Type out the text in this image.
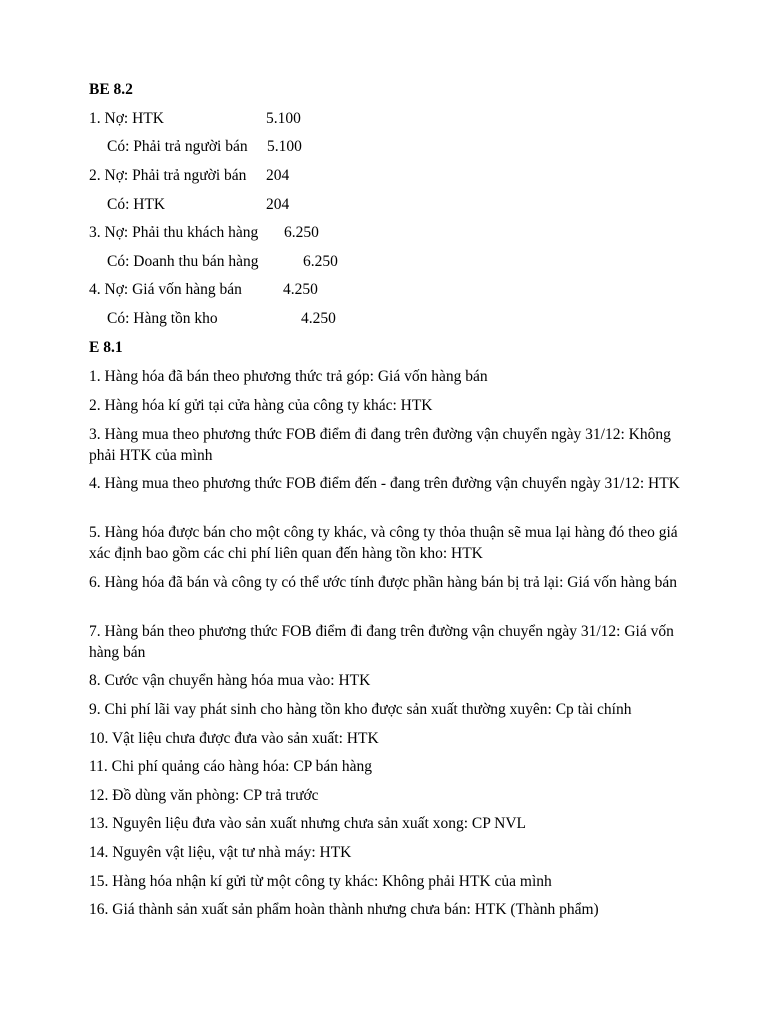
BE 8.2
1. Nợ: HTK	5.100
Có: Phải trả người bán 5.100
2. Nợ: Phải trả người bán 204
Có: HTK	204
3. Nợ: Phải thu khách hàng 6.250
Có: Doanh thu bán hàng	6.250
4. Nợ: Giá vốn hàng bán	4.250
Có: Hàng tồn kho	4.250
E 8.1
1. Hàng hóa đã bán theo phương thức trả góp: Giá vốn hàng bán
2. Hàng hóa kí gửi tại cửa hàng của công ty khác: HTK
3. Hàng mua theo phương thức FOB điểm đi đang trên đường vận chuyển ngày 31/12: Không phải HTK của mình
4. Hàng mua theo phương thức FOB điểm đến - đang trên đường vận chuyển ngày 31/12: HTK
5. Hàng hóa được bán cho một công ty khác, và công ty thỏa thuận sẽ mua lại hàng đó theo giá xác định bao gồm các chi phí liên quan đến hàng tồn kho: HTK
6. Hàng hóa đã bán và công ty có thể ước tính được phần hàng bán bị trả lại: Giá vốn hàng bán
7. Hàng bán theo phương thức FOB điểm đi đang trên đường vận chuyển ngày 31/12: Giá vốn hàng bán
8. Cước vận chuyển hàng hóa mua vào: HTK
9. Chi phí lãi vay phát sinh cho hàng tồn kho được sản xuất thường xuyên: Cp tài chính
10. Vật liệu chưa được đưa vào sản xuất: HTK
11. Chi phí quảng cáo hàng hóa: CP bán hàng
12. Đồ dùng văn phòng: CP trả trước
13. Nguyên liệu đưa vào sản xuất nhưng chưa sản xuất xong: CP NVL
14. Nguyên vật liệu, vật tư nhà máy: HTK
15. Hàng hóa nhận kí gửi từ một công ty khác: Không phải HTK của mình
16. Giá thành sản xuất sản phẩm hoàn thành nhưng chưa bán: HTK (Thành phẩm)
